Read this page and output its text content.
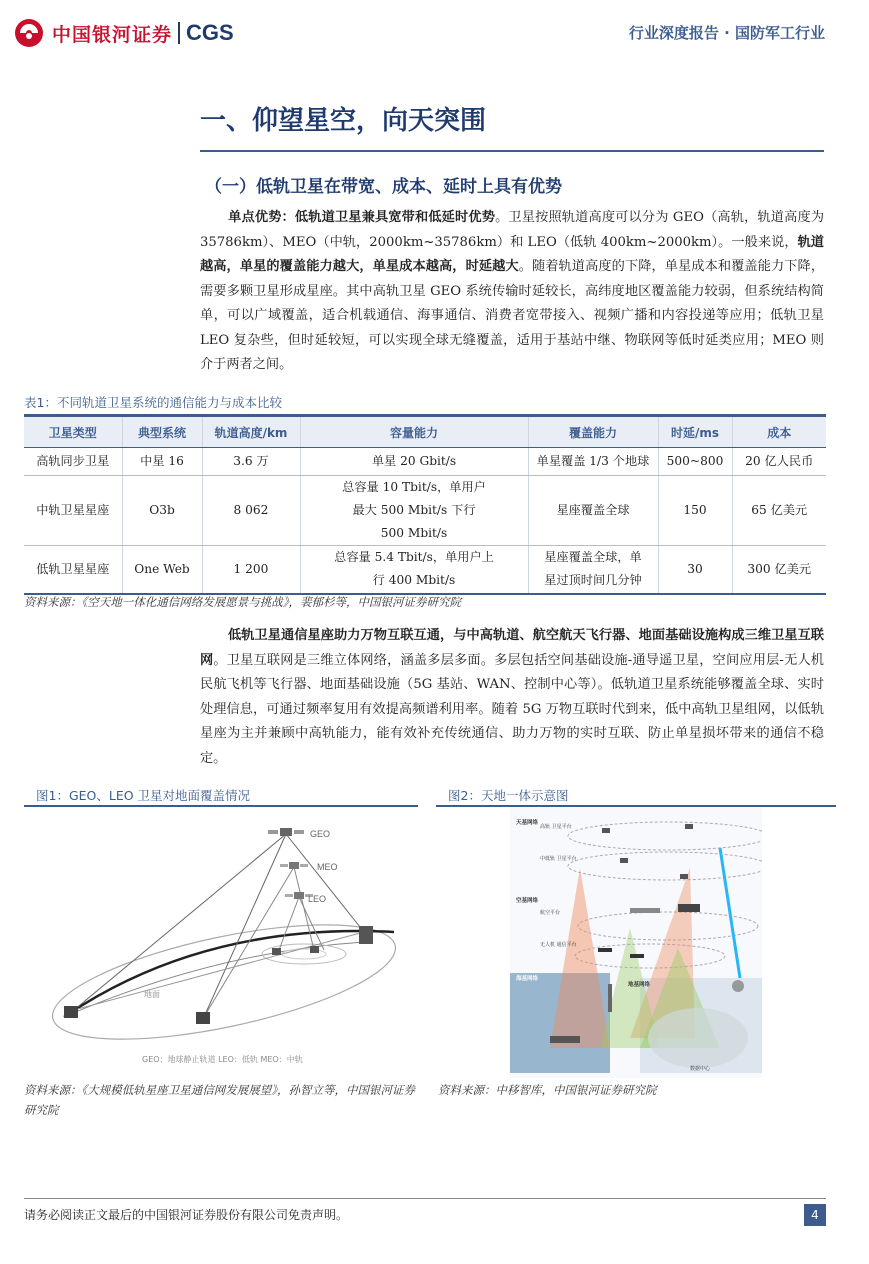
中国银河证券 CGS	行业深度报告 · 国防军工行业
一、仰望星空，向天突围
（一）低轨卫星在带宽、成本、延时上具有优势
单点优势：低轨道卫星兼具宽带和低延时优势。卫星按照轨道高度可以分为 GEO（高轨，轨道高度为 35786km）、MEO（中轨，2000km~35786km）和 LEO（低轨 400km~2000km）。一般来说，轨道越高，单星的覆盖能力越大，单星成本越高，时延越大。随着轨道高度的下降，单星成本和覆盖能力下降，需要多颗卫星形成星座。其中高轨卫星 GEO 系统传输时延较长，高纬度地区覆盖能力较弱，但系统结构简单，可以广域覆盖，适合机载通信、海事通信、消费者宽带接入、视频广播和内容投递等应用；低轨卫星 LEO 复杂些，但时延较短，可以实现全球无缝覆盖，适用于基站中继、物联网等低时延类应用；MEO 则介于两者之间。
表1：不同轨道卫星系统的通信能力与成本比较
卫星类型	典型系统	轨道高度/km	容量能力	覆盖能力	时延/ms	成本
高轨同步卫星	中星 16	3.6 万	单星 20 Gbit/s	单星覆盖 1/3 个地球	500~800	20 亿人民币
中轨卫星星座	O3b	8 062	总容量 10 Tbit/s，单用户最大 500 Mbit/s 下行 500 Mbit/s	星座覆盖全球	150	65 亿美元
低轨卫星星座	One Web	1 200	总容量 5.4 Tbit/s，单用户上行 400 Mbit/s	星座覆盖全球，单星过顶时间几分钟	30	300 亿美元
资料来源：《空天地一体化通信网络发展愿景与挑战》，裴郁杉等，中国银河证券研究院
低轨卫星通信星座助力万物互联互通，与中高轨道、航空航天飞行器、地面基础设施构成三维卫星互联网。卫星互联网是三维立体网络，涵盖多层多面。多层包括空间基础设施-通导遥卫星，空间应用层-无人机民航飞机等飞行器、地面基础设施（5G 基站、WAN、控制中心等）。低轨道卫星系统能够覆盖全球、实时处理信息，可通过频率复用有效提高频谱利用率。随着 5G 万物互联时代到来，低中高轨卫星组网，以低轨星座为主并兼顾中高轨能力，能有效补充传统通信、助力万物的实时互联、防止单星损坏带来的通信不稳定。
图1：GEO、LEO 卫星对地面覆盖情况
GEO
MEO
LEO
地面
GEO：地球静止轨道 LEO：低轨 MEO：中轨
资料来源：《大规模低轨星座卫星通信网发展展望》，孙智立等，中国银河证券研究院
图2：天地一体示意图
天基网络
高轨 卫星平台
中低轨 卫星平台
空基网络
航空平台
无人机 通信平台
海基网络
地基网络
数据中心
资料来源：中移智库，中国银河证券研究院
请务必阅读正文最后的中国银河证券股份有限公司免责声明。	4
